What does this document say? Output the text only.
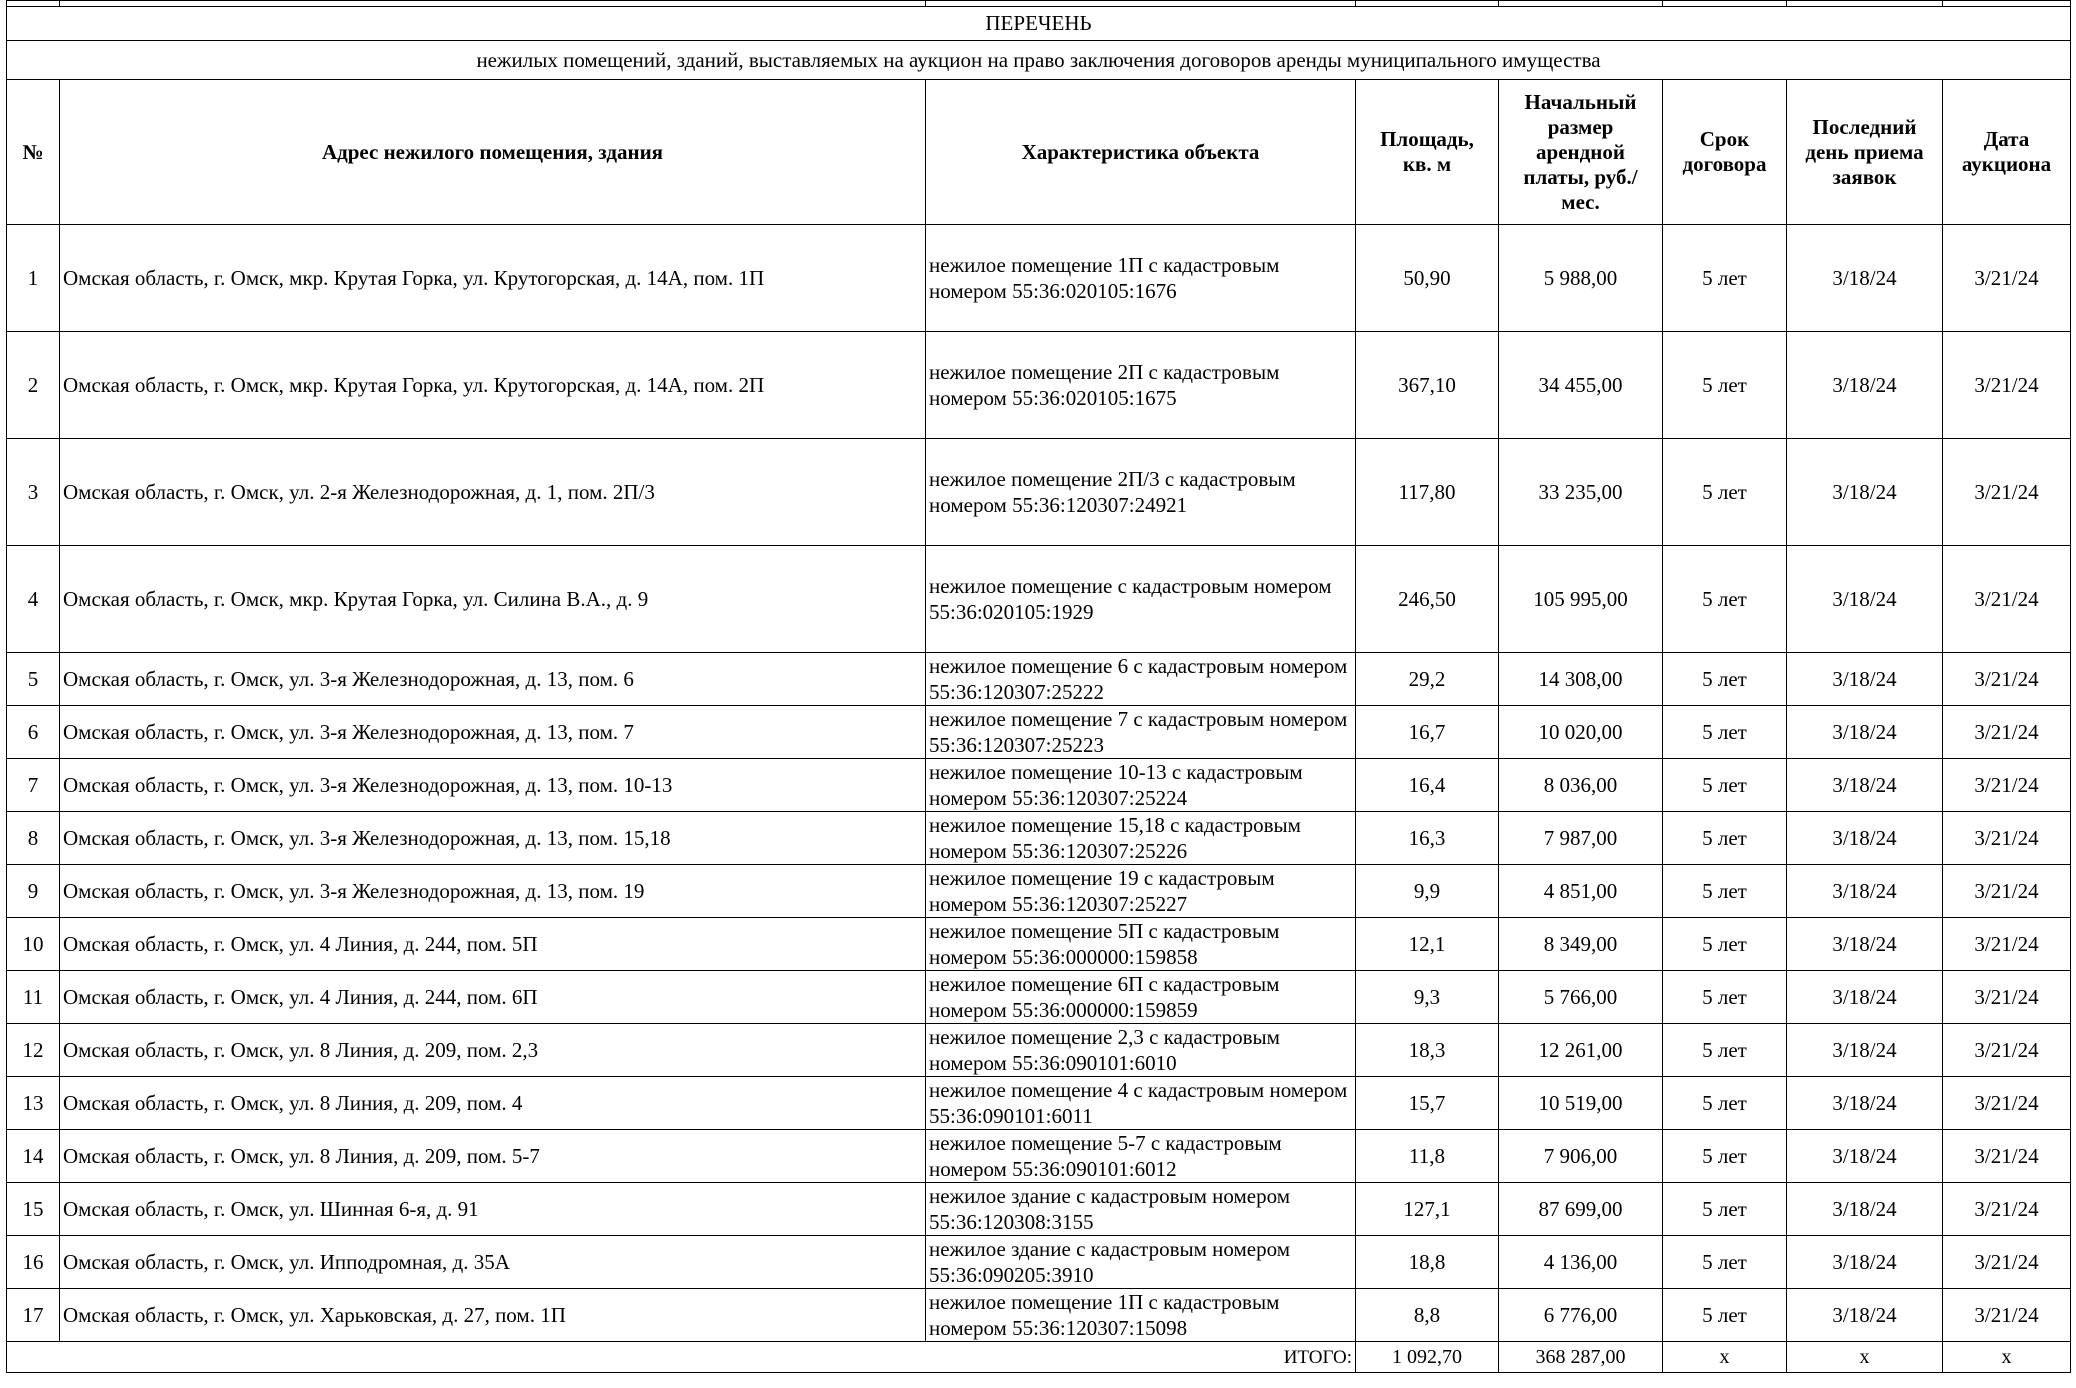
ПЕРЕЧЕНЬ							
нежилых помещений, зданий, выставляемых на аукцион на право заключения договоров аренды муниципального имущества							
№	Адрес нежилого помещения, здания	Характеристика объекта	Площадь, кв. м	Начальный размер арендной платы, руб./мес.	Срок договора	Последний день приема заявок	Дата аукциона
1	Омская область, г. Омск, мкр. Крутая Горка, ул. Крутогорская, д. 14А, пом. 1П	нежилое помещение 1П с кадастровым номером 55:36:020105:1676	50,90	5 988,00	5 лет	3/18/24	3/21/24
2	Омская область, г. Омск, мкр. Крутая Горка, ул. Крутогорская, д. 14А, пом. 2П	нежилое помещение 2П с кадастровым номером 55:36:020105:1675	367,10	34 455,00	5 лет	3/18/24	3/21/24
3	Омская область, г. Омск, ул. 2-я Железнодорожная, д. 1, пом. 2П/3	нежилое помещение 2П/3 с кадастровым номером 55:36:120307:24921	117,80	33 235,00	5 лет	3/18/24	3/21/24
4	Омская область, г. Омск, мкр. Крутая Горка, ул. Силина В.А., д. 9	нежилое помещение с кадастровым номером 55:36:020105:1929	246,50	105 995,00	5 лет	3/18/24	3/21/24
5	Омская область, г. Омск, ул. 3-я Железнодорожная, д. 13, пом. 6	нежилое помещение 6 с кадастровым номером 55:36:120307:25222	29,2	14 308,00	5 лет	3/18/24	3/21/24
6	Омская область, г. Омск, ул. 3-я Железнодорожная, д. 13, пом. 7	нежилое помещение 7 с кадастровым номером 55:36:120307:25223	16,7	10 020,00	5 лет	3/18/24	3/21/24
7	Омская область, г. Омск, ул. 3-я Железнодорожная, д. 13, пом. 10-13	нежилое помещение 10-13 с кадастровым номером 55:36:120307:25224	16,4	8 036,00	5 лет	3/18/24	3/21/24
8	Омская область, г. Омск, ул. 3-я Железнодорожная, д. 13, пом. 15,18	нежилое помещение 15,18 с кадастровым номером 55:36:120307:25226	16,3	7 987,00	5 лет	3/18/24	3/21/24
9	Омская область, г. Омск, ул. 3-я Железнодорожная, д. 13, пом. 19	нежилое помещение 19 с кадастровым номером 55:36:120307:25227	9,9	4 851,00	5 лет	3/18/24	3/21/24
10	Омская область, г. Омск, ул. 4 Линия, д. 244, пом. 5П	нежилое помещение 5П с кадастровым номером 55:36:000000:159858	12,1	8 349,00	5 лет	3/18/24	3/21/24
11	Омская область, г. Омск, ул. 4 Линия, д. 244, пом. 6П	нежилое помещение 6П с кадастровым номером 55:36:000000:159859	9,3	5 766,00	5 лет	3/18/24	3/21/24
12	Омская область, г. Омск, ул. 8 Линия, д. 209, пом. 2,3	нежилое помещение 2,3 с кадастровым номером 55:36:090101:6010	18,3	12 261,00	5 лет	3/18/24	3/21/24
13	Омская область, г. Омск, ул. 8 Линия, д. 209, пом. 4	нежилое помещение 4 с кадастровым номером 55:36:090101:6011	15,7	10 519,00	5 лет	3/18/24	3/21/24
14	Омская область, г. Омск, ул. 8 Линия, д. 209, пом. 5-7	нежилое помещение 5-7 с кадастровым номером 55:36:090101:6012	11,8	7 906,00	5 лет	3/18/24	3/21/24
15	Омская область, г. Омск, ул. Шинная 6-я, д. 91	нежилое здание с кадастровым номером 55:36:120308:3155	127,1	87 699,00	5 лет	3/18/24	3/21/24
16	Омская область, г. Омск, ул. Ипподромная, д. 35А	нежилое здание с кадастровым номером 55:36:090205:3910	18,8	4 136,00	5 лет	3/18/24	3/21/24
17	Омская область, г. Омск, ул. Харьковская, д. 27, пом. 1П	нежилое помещение 1П с кадастровым номером 55:36:120307:15098	8,8	6 776,00	5 лет	3/18/24	3/21/24
ИТОГО:			1 092,70	368 287,00	x	x	x
